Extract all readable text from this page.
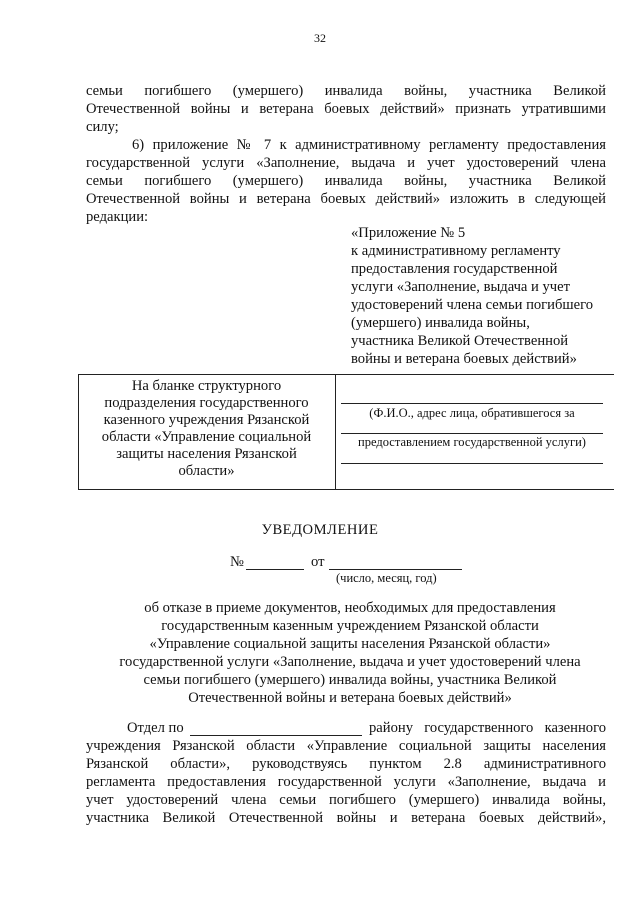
32
семьи погибшего (умершего) инвалида войны, участника Великой
Отечественной войны и ветерана боевых действий» признать утратившими
силу;
6) приложение № 7 к административному регламенту предоставления
государственной услуги «Заполнение, выдача и учет удостоверений члена
семьи погибшего (умершего) инвалида войны, участника Великой
Отечественной войны и ветерана боевых действий» изложить в следующей
редакции:
«Приложение № 5
к административному регламенту
предоставления государственной
услуги «Заполнение, выдача и учет
удостоверений члена семьи погибшего
(умершего) инвалида войны,
участника Великой Отечественной
войны и ветерана боевых действий»
На бланке структурного
подразделения государственного
казенного учреждения Рязанской
области «Управление социальной
защиты населения Рязанской
области»
(Ф.И.О., адрес лица, обратившегося за
предоставлением государственной услуги)
УВЕДОМЛЕНИЕ
№	от
(число, месяц, год)
об отказе в приеме документов, необходимых для предоставления
государственным казенным учреждением Рязанской области
«Управление социальной защиты населения Рязанской области»
государственной услуги «Заполнение, выдача и учет удостоверений члена
семьи погибшего (умершего) инвалида войны, участника Великой
Отечественной войны и ветерана боевых действий»
Отдел по	району государственного казенного
учреждения Рязанской области «Управление социальной защиты населения
Рязанской области», руководствуясь пунктом 2.8 административного
регламента предоставления государственной услуги «Заполнение, выдача и
учет удостоверений члена семьи погибшего (умершего) инвалида войны,
участника Великой Отечественной войны и ветерана боевых действий»,
